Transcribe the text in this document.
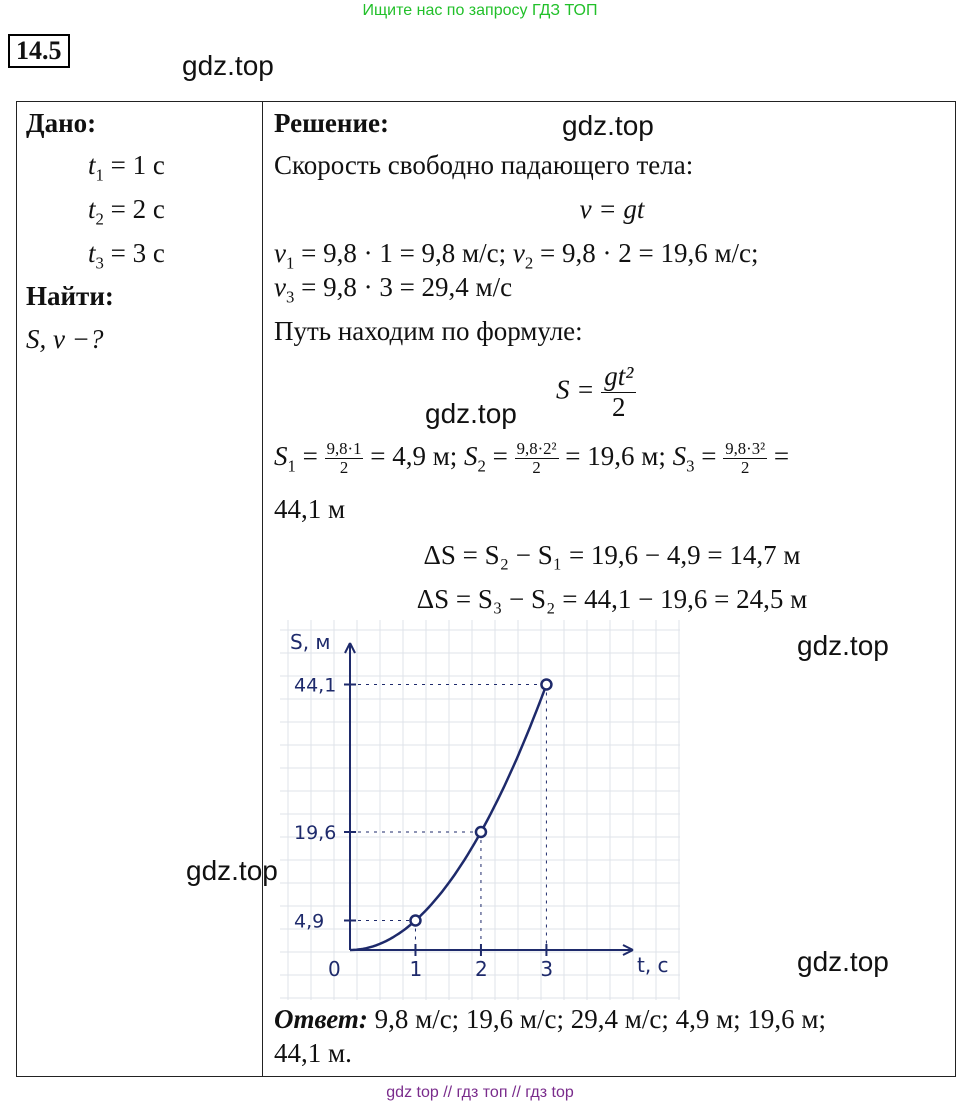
Ищите нас по запросу ГДЗ ТОП
14.5	gdz.top
gdz.top
gdz.top
gdz.top
gdz.top
gdz.top
Дано:
$t_1 = 1$ с
$t_2 = 2$ с
$t_3 = 3$ с
Найти:
S, v −?
Решение:
Скорость свободно падающего тела:
v = gt
$v_1 = 9,8 \cdot 1 = 9,8$ м/с; $v_2 = 9,8 \cdot 2 = 19,6$ м/с;
$v_3 = 9,8 \cdot 3 = 29,4$ м/с
Путь находим по формуле:
$S = \frac{\text{gt²}}{2}$
$S_1 = \frac{9,8\cdot 1}{2} = 4,9$ м; $S_2 = \frac{\text{9,8·2²}}{2} = 19,6$ м; $S_3 = \frac{\text{9,8·3²}}{2}$ =
44,1 м
ΔS = S₂ − S₁ = 19,6 − 4,9 = 14,7 м
ΔS = S₃ − S₂ = 44,1 − 19,6 = 24,5 м
S, м
t, c
0	1	2	3
4,9
19,6
44,1
Ответ: 9,8 м/с; 19,6 м/с; 29,4 м/с; 4,9 м; 19,6 м;
44,1 м.
gdz top // гдз топ // гдз top
